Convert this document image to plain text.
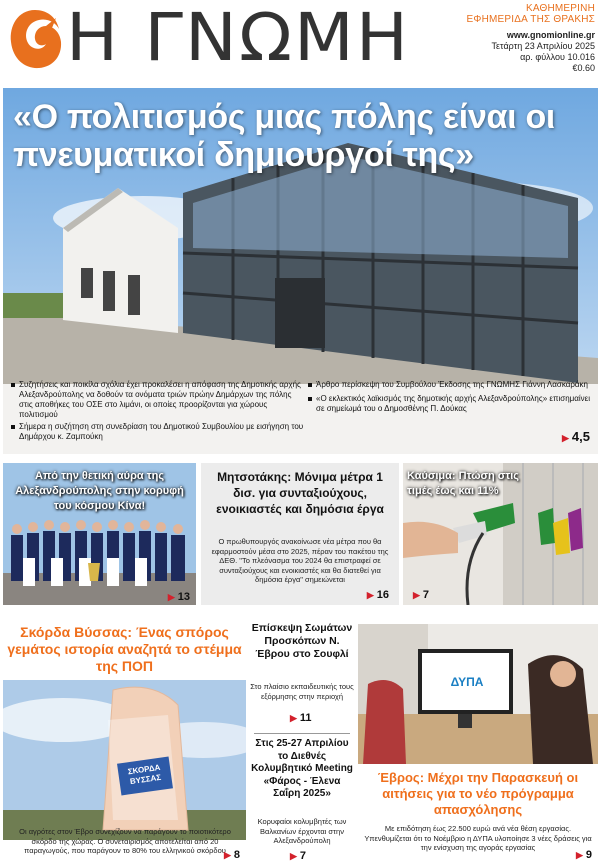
Η ΓΝΩΜΗ	ΚΑΘΗΜΕΡΙΝΗ
ΕΦΗΜΕΡΙΔΑ ΤΗΣ ΘΡΑΚΗΣ
www.gnomionline.gr
Τετάρτη 23 Απριλίου 2025
αρ. φύλλου 10.016
€0.60
«Ο πολιτισμός μιας πόλης είναι οι πνευματικοί δημιουργοί της»
Συζητήσεις και ποικίλα σχόλια έχει προκαλέσει η απόφαση της Δημοτικής αρχής Αλεξανδρούπολης να δοθούν τα ονόματα τριών πρώην Δημάρχων της πόλης στις αποθήκες του ΟΣΕ στο λιμάνι, οι οποίες προορίζονται για χώρους πολιτισμού
Σήμερα η συζήτηση στη συνεδρίαση του Δημοτικού Συμβουλίου με εισήγηση του Δημάρχου κ. Ζαμπούκη
Άρθρο περίσκεψη του Συμβούλου Έκδοσης της ΓΝΩΜΗΣ Γιάννη Λασκαράκη
«Ο εκλεκτικός λαϊκισμός της δημοτικής αρχής Αλεξανδρούπολης» επισημαίνει σε σημείωμά του ο Δημοσθένης Π. Δούκας
▶ 4,5
Από την θετική αύρα της Αλεξανδρούπολης στην κορυφή του κόσμου Κίνα!
▶ 13
Μητσοτάκης: Μόνιμα μέτρα 1 δισ. για συνταξιούχους, ενοικιαστές και δημόσια έργα
Ο πρωθυπουργός ανακοίνωσε νέα μέτρα που θα εφαρμοστούν μέσα στο 2025, πέραν του πακέτου της ΔΕΘ. "Το πλεόνασμα του 2024 θα επιστραφεί σε συνταξιούχους και ενοικιαστές και θα διατεθεί για δημόσια έργα" σημειώνεται
▶ 16
Καύσιμα: Πτώση στις τιμές έως και 11%
▶ 7
Σκόρδα Βύσσας: Ένας σπόρος γεμάτος ιστορία αναζητά το στέμμα της ΠΟΠ
ΣΚΟΡΔΑ ΒΥΣΣΑΣ
Οι αγρότες στον Έβρο συνεχίζουν να παράγουν το ποιοτικότερο σκόρδο της χώρας. Ο συνεταιρισμός αποτελείται από 20 παραγωγούς, που παράγουν το 80% του ελληνικού σκόρδου
▶ 8
Επίσκεψη Σωμάτων Προσκόπων Ν. Έβρου στο Σουφλί
Στο πλαίσιο εκπαιδευτικής τους εξόρμησης στην περιοχή
▶ 11
Στις 25-27 Απριλίου το Διεθνές Κολυμβητικό Meeting «Φάρος - Έλενα Σαΐρη 2025»
Κορυφαίοι κολυμβητές των Βαλκανίων έρχονται στην Αλεξανδρούπολη
▶ 7
ΔΥΠΑ
Έβρος: Μέχρι την Παρασκευή οι αιτήσεις για το νέο πρόγραμμα απασχόλησης
Με επιδότηση έως 22.500 ευρώ ανά νέα θέση εργασίας. Υπενθυμίζεται ότι το Νοέμβριο η ΔΥΠΑ υλοποίησε 3 νέες δράσεις για την ενίσχυση της αγοράς εργασίας
▶ 9
